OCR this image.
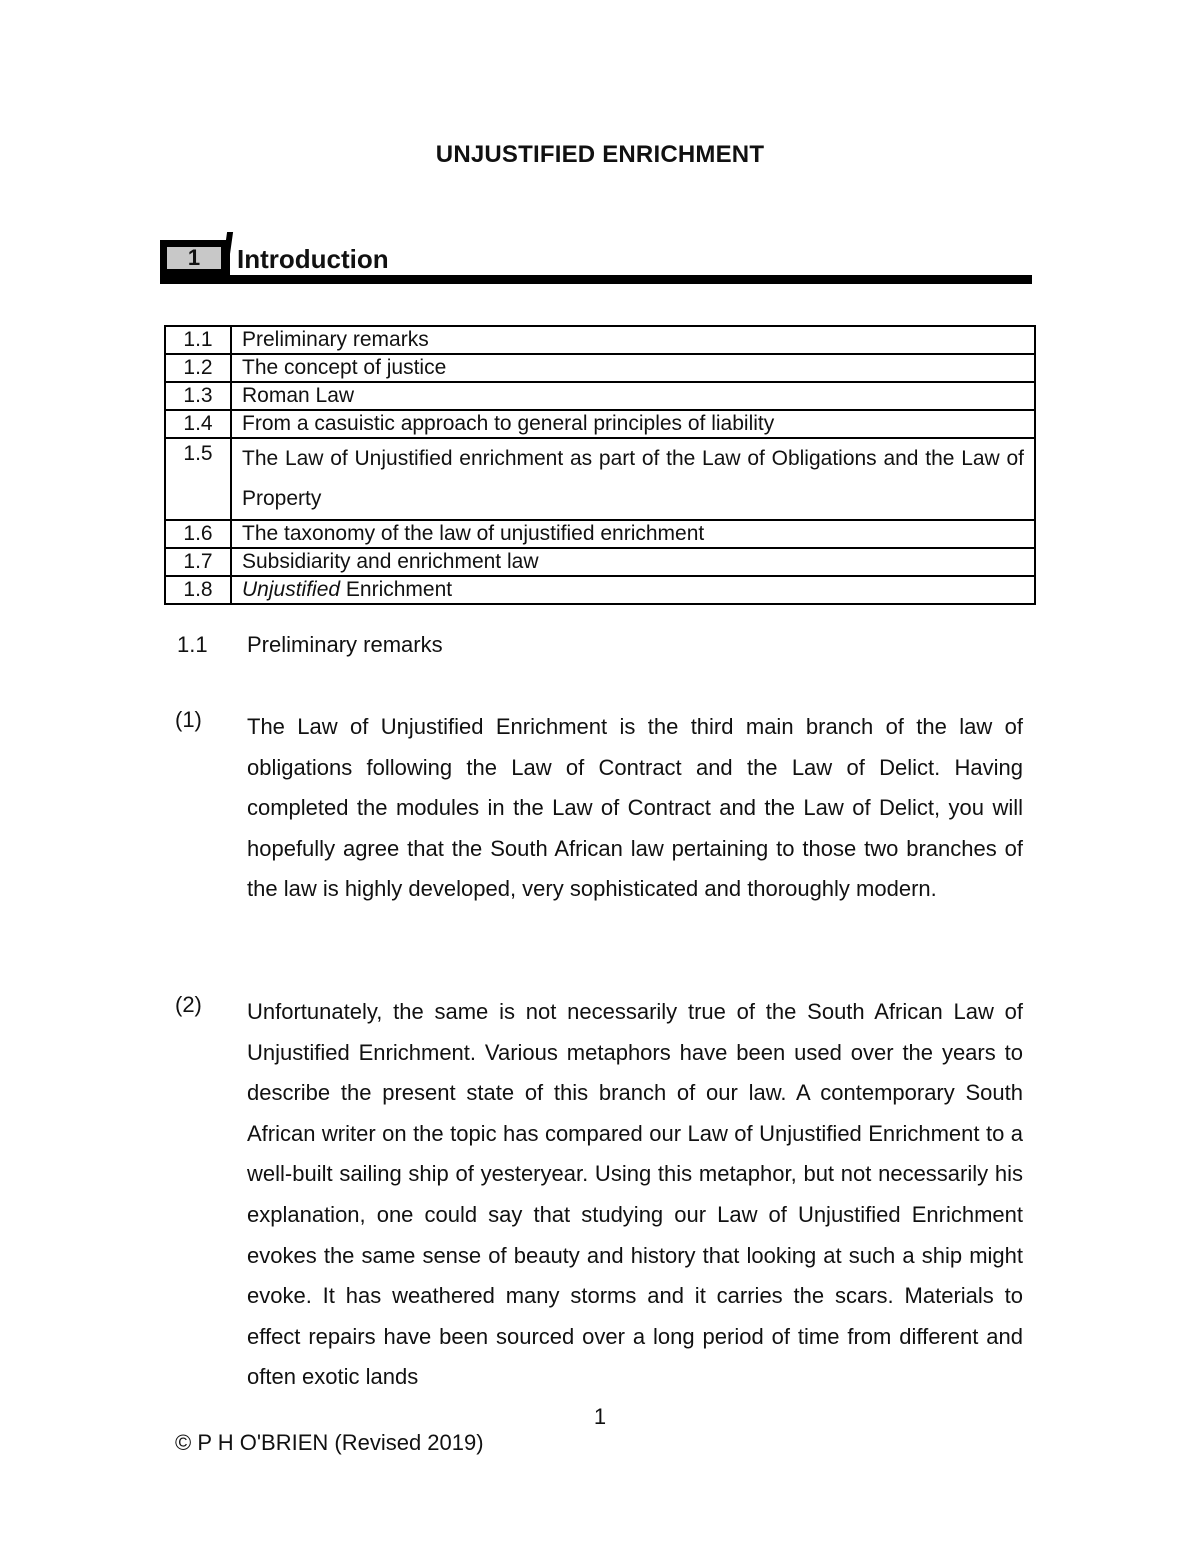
UNJUSTIFIED ENRICHMENT
1	Introduction
1.1	Preliminary remarks
1.2	The concept of justice
1.3	Roman Law
1.4	From a casuistic approach to general principles of liability
1.5	The Law of Unjustified enrichment as part of the Law of Obligations and the Law of Property
1.6	The taxonomy of the law of unjustified enrichment
1.7	Subsidiarity and enrichment law
1.8	Unjustified Enrichment
1.1 Preliminary remarks
(1) The Law of Unjustified Enrichment is the third main branch of the law of obligations following the Law of Contract and the Law of Delict. Having completed the modules in the Law of Contract and the Law of Delict, you will hopefully agree that the South African law pertaining to those two branches of the law is highly developed, very sophisticated and thoroughly modern.
(2) Unfortunately, the same is not necessarily true of the South African Law of Unjustified Enrichment. Various metaphors have been used over the years to describe the present state of this branch of our law. A contemporary South African writer on the topic has compared our Law of Unjustified Enrichment to a well-built sailing ship of yesteryear. Using this metaphor, but not necessarily his explanation, one could say that studying our Law of Unjustified Enrichment evokes the same sense of beauty and history that looking at such a ship might evoke. It has weathered many storms and it carries the scars. Materials to effect repairs have been sourced over a long period of time from different and often exotic lands
1
© P H O'BRIEN (Revised 2019)
